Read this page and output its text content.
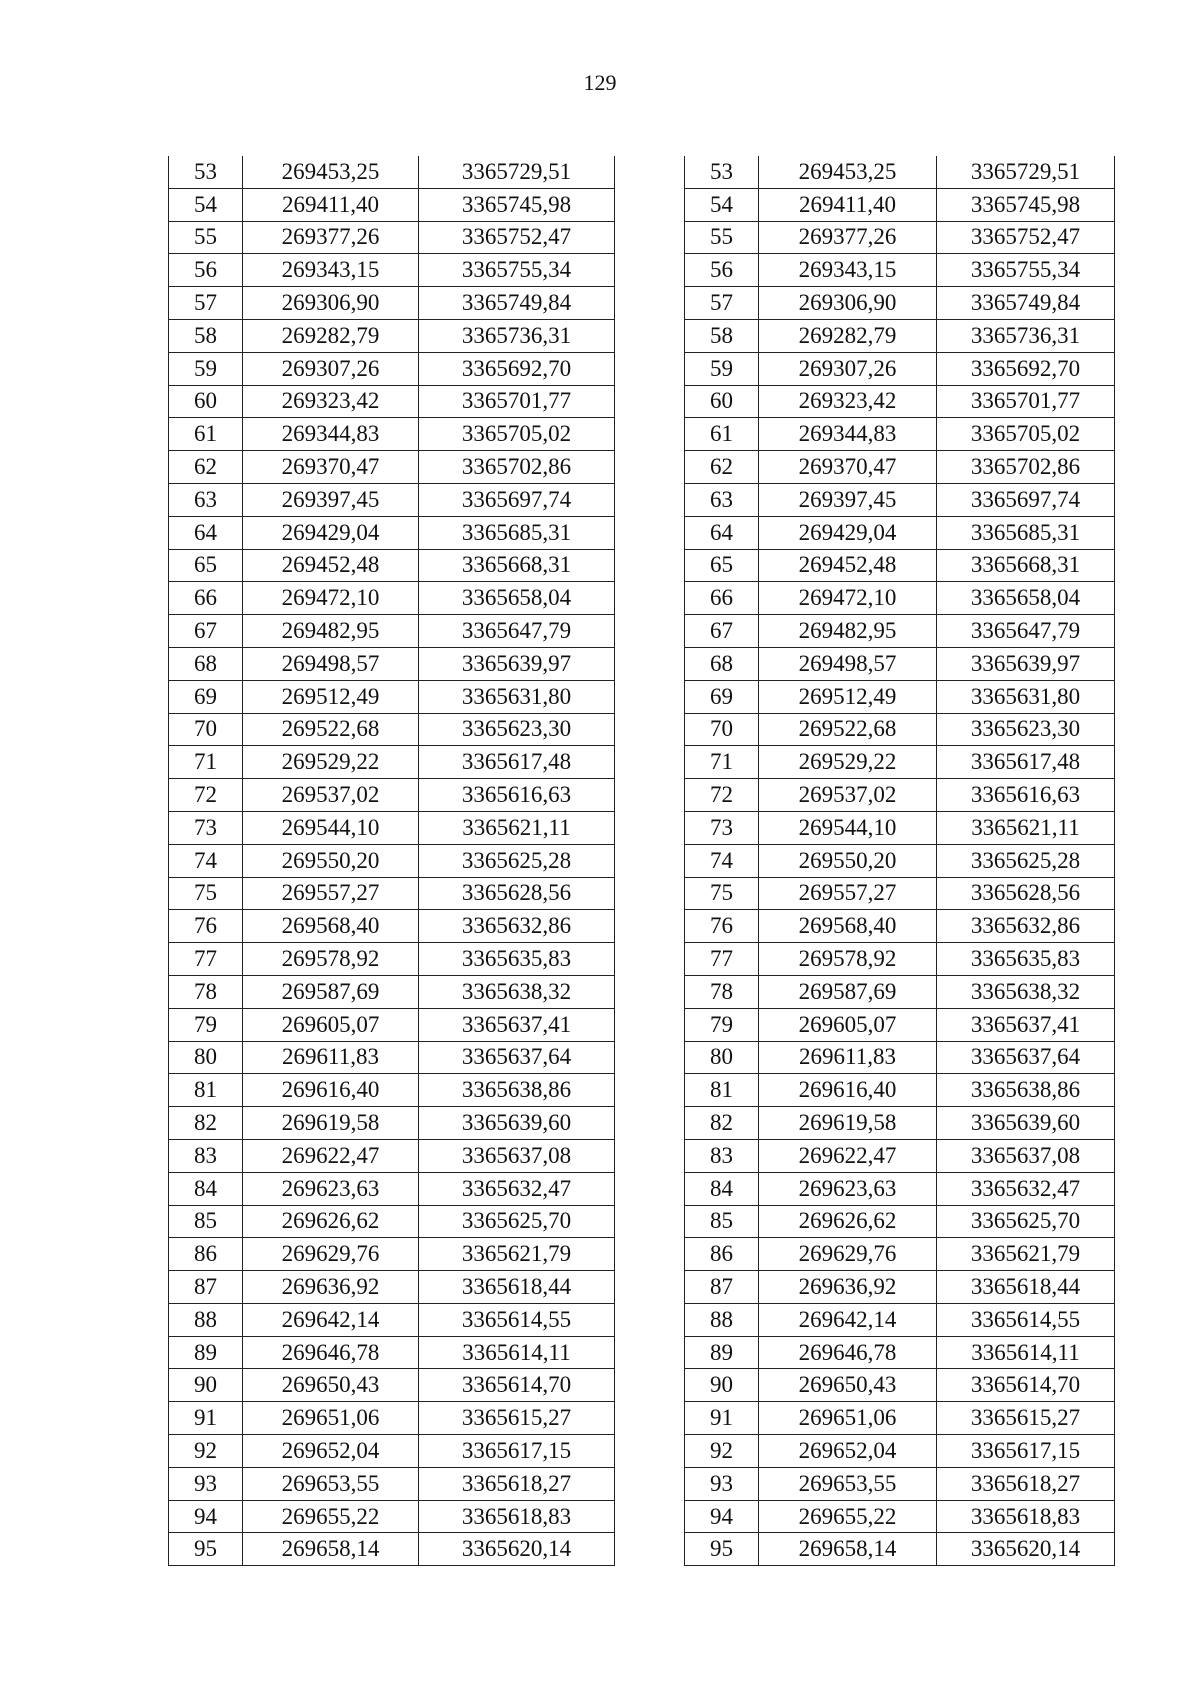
129
53	269453,25	3365729,51
54	269411,40	3365745,98
55	269377,26	3365752,47
56	269343,15	3365755,34
57	269306,90	3365749,84
58	269282,79	3365736,31
59	269307,26	3365692,70
60	269323,42	3365701,77
61	269344,83	3365705,02
62	269370,47	3365702,86
63	269397,45	3365697,74
64	269429,04	3365685,31
65	269452,48	3365668,31
66	269472,10	3365658,04
67	269482,95	3365647,79
68	269498,57	3365639,97
69	269512,49	3365631,80
70	269522,68	3365623,30
71	269529,22	3365617,48
72	269537,02	3365616,63
73	269544,10	3365621,11
74	269550,20	3365625,28
75	269557,27	3365628,56
76	269568,40	3365632,86
77	269578,92	3365635,83
78	269587,69	3365638,32
79	269605,07	3365637,41
80	269611,83	3365637,64
81	269616,40	3365638,86
82	269619,58	3365639,60
83	269622,47	3365637,08
84	269623,63	3365632,47
85	269626,62	3365625,70
86	269629,76	3365621,79
87	269636,92	3365618,44
88	269642,14	3365614,55
89	269646,78	3365614,11
90	269650,43	3365614,70
91	269651,06	3365615,27
92	269652,04	3365617,15
93	269653,55	3365618,27
94	269655,22	3365618,83
95	269658,14	3365620,14
53	269453,25	3365729,51
54	269411,40	3365745,98
55	269377,26	3365752,47
56	269343,15	3365755,34
57	269306,90	3365749,84
58	269282,79	3365736,31
59	269307,26	3365692,70
60	269323,42	3365701,77
61	269344,83	3365705,02
62	269370,47	3365702,86
63	269397,45	3365697,74
64	269429,04	3365685,31
65	269452,48	3365668,31
66	269472,10	3365658,04
67	269482,95	3365647,79
68	269498,57	3365639,97
69	269512,49	3365631,80
70	269522,68	3365623,30
71	269529,22	3365617,48
72	269537,02	3365616,63
73	269544,10	3365621,11
74	269550,20	3365625,28
75	269557,27	3365628,56
76	269568,40	3365632,86
77	269578,92	3365635,83
78	269587,69	3365638,32
79	269605,07	3365637,41
80	269611,83	3365637,64
81	269616,40	3365638,86
82	269619,58	3365639,60
83	269622,47	3365637,08
84	269623,63	3365632,47
85	269626,62	3365625,70
86	269629,76	3365621,79
87	269636,92	3365618,44
88	269642,14	3365614,55
89	269646,78	3365614,11
90	269650,43	3365614,70
91	269651,06	3365615,27
92	269652,04	3365617,15
93	269653,55	3365618,27
94	269655,22	3365618,83
95	269658,14	3365620,14
